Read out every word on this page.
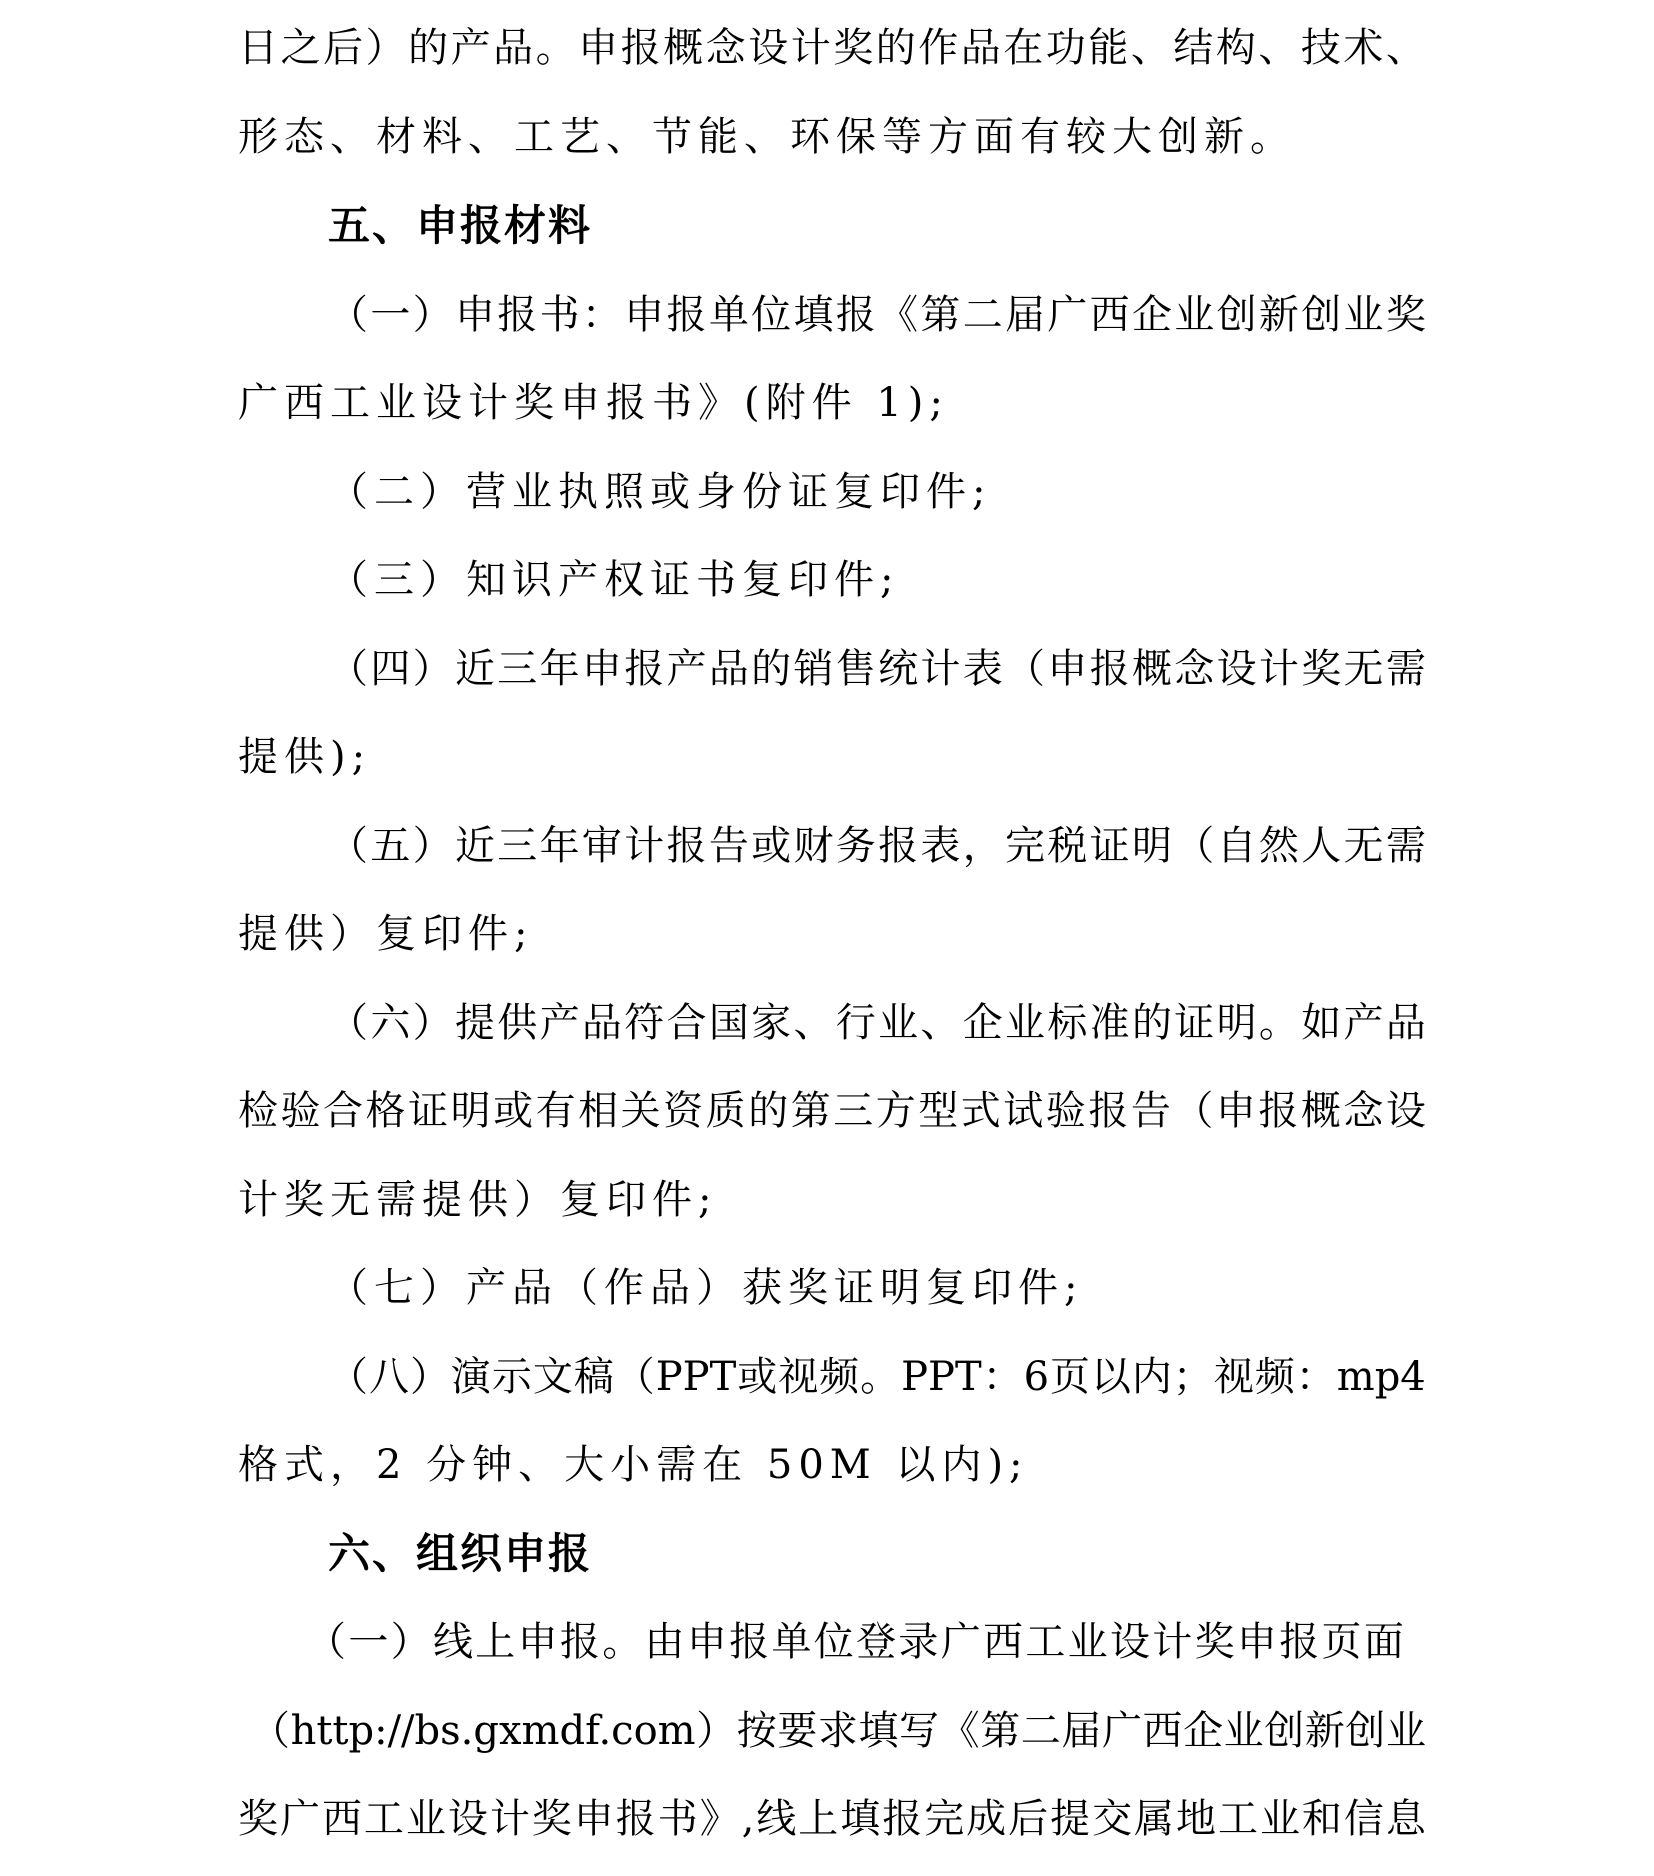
日 之 后 ） 的 产 品 。 申 报 概 念 设 计 奖 的 作 品 在 功 能 、 结 构 、 技 术 、
形态、材料、工艺、节能、环保等方面有较大创新。
五、申报材料
（ 一 ） 申 报 书 ： 申 报 单 位 填 报 《 第 二 届 广 西 企 业 创 新 创 业 奖
广西工业设计奖申报书》(附件 1);
（二）营业执照或身份证复印件;
（三）知识产权证书复印件;
（ 四 ） 近 三 年 申 报 产 品 的 销 售 统 计 表 （ 申 报 概 念 设 计 奖 无 需
提供);
（ 五 ） 近 三 年 审 计 报 告 或 财 务 报 表 ， 完 税 证 明 （ 自 然 人 无 需
提供）复印件;
（ 六 ） 提 供 产 品 符 合 国 家 、 行 业 、 企 业 标 准 的 证 明 。 如 产 品
检 验 合 格 证 明 或 有 相 关 资 质 的 第 三 方 型 式 试 验 报 告 （ 申 报 概 念 设
计奖无需提供）复印件;
（七）产品（作品）获奖证明复印件;
（ 八 ） 演 示 文 稿 （ PPT 或 视 频 。 PPT ： 6 页 以 内 ； 视 频 ： mp4
格式，2 分钟、大小需在 50M 以内);
六、组织申报
（ 一 ） 线 上 申 报 。 由 申 报 单 位 登 录 广 西 工 业 设 计 奖 申 报 页 面
（ http://bs.gxmdf.com ） 按 要 求 填 写 《 第 二 届 广 西 企 业 创 新 创 业
奖 广 西 工 业 设 计 奖 申 报 书 》 , 线 上 填 报 完 成 后 提 交 属 地 工 业 和 信 息
